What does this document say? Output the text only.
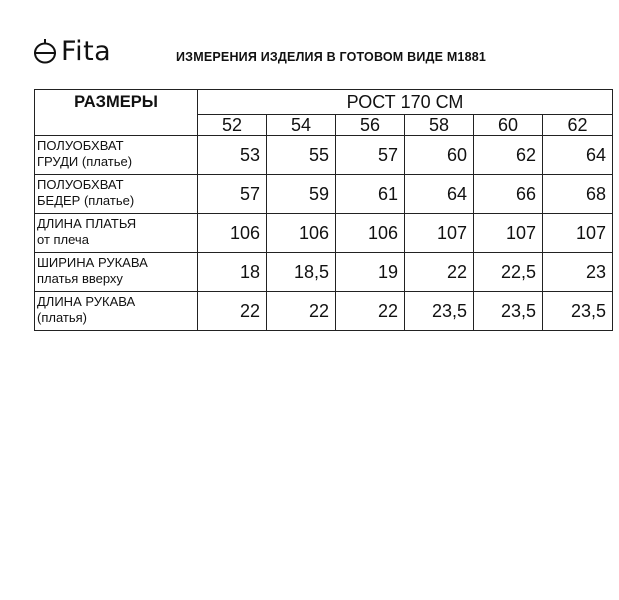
Fita	ИЗМЕРЕНИЯ ИЗДЕЛИЯ В ГОТОВОМ ВИДЕ М1881
РАЗМЕРЫ	РОСТ 170 СМ					
	52	54	56	58	60	62

ПОЛУОБХВАТ
ГРУДИ (платье)	53	55	57	60	62	64

ПОЛУОБХВАТ
БЕДЕР (платье)	57	59	61	64	66	68

ДЛИНА ПЛАТЬЯ
от плеча	106	106	106	107	107	107

ШИРИНА РУКАВА
платья вверху	18	18,5	19	22	22,5	23

ДЛИНА РУКАВА
(платья)	22	22	22	23,5	23,5	23,5
